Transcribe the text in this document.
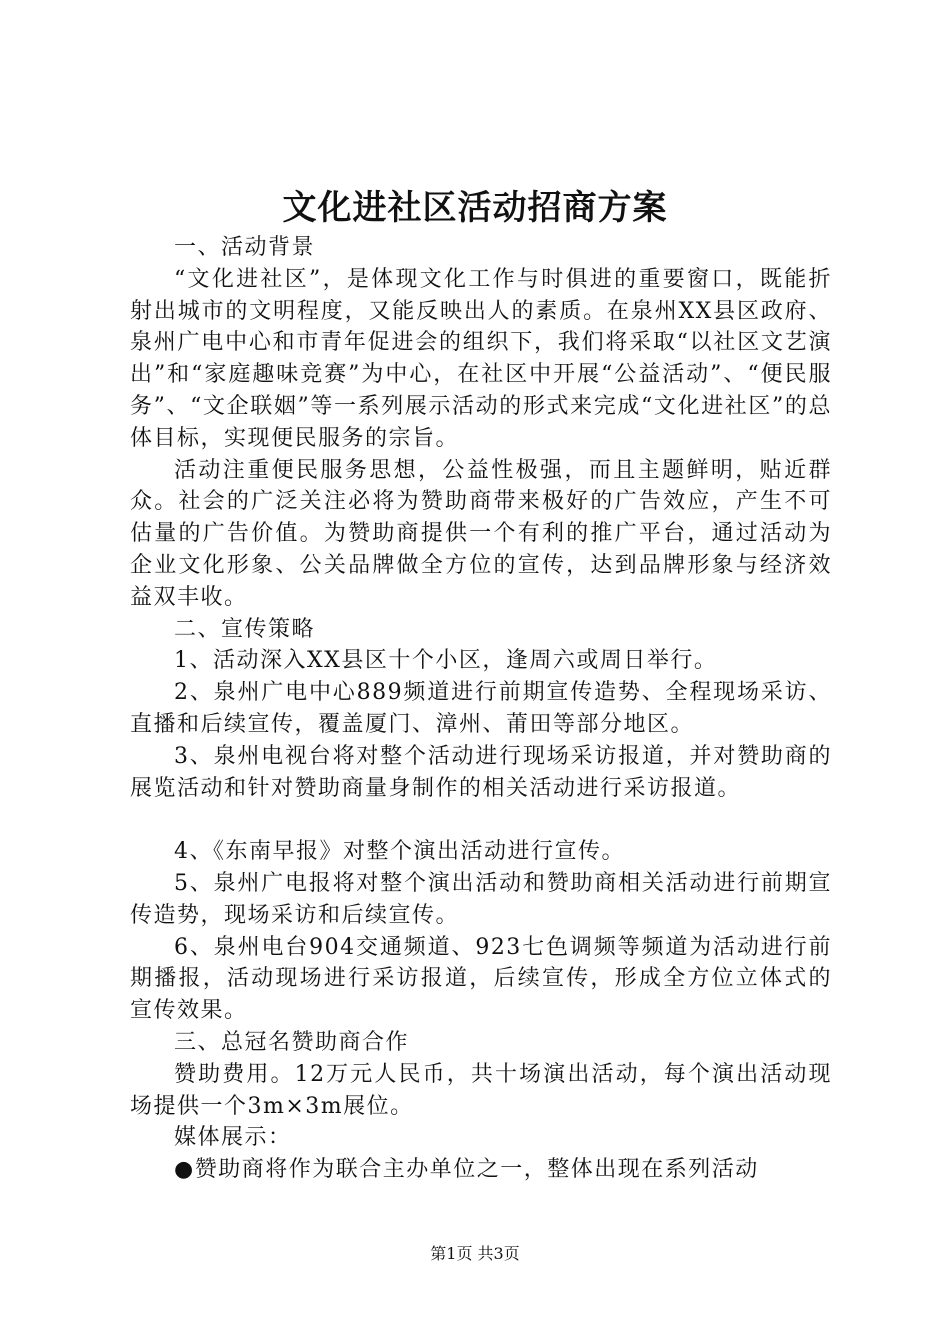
文化进社区活动招商方案

一、活动背景

“文化进社区”，是体现文化工作与时俱进的重要窗口，既能折射出城市的文明程度，又能反映出人的素质。在泉州XX县区政府、泉州广电中心和市青年促进会的组织下，我们将采取“以社区文艺演出”和“家庭趣味竞赛”为中心，在社区中开展“公益活动”、“便民服务”、“文企联姻”等一系列展示活动的形式来完成“文化进社区”的总体目标，实现便民服务的宗旨。

活动注重便民服务思想，公益性极强，而且主题鲜明，贴近群众。社会的广泛关注必将为赞助商带来极好的广告效应，产生不可估量的广告价值。为赞助商提供一个有利的推广平台，通过活动为企业文化形象、公关品牌做全方位的宣传，达到品牌形象与经济效益双丰收。

二、宣传策略

1、活动深入XX县区十个小区，逢周六或周日举行。

2、泉州广电中心889频道进行前期宣传造势、全程现场采访、直播和后续宣传，覆盖厦门、漳州、莆田等部分地区。

3、泉州电视台将对整个活动进行现场采访报道，并对赞助商的展览活动和针对赞助商量身制作的相关活动进行采访报道。

4、《东南早报》对整个演出活动进行宣传。

5、泉州广电报将对整个演出活动和赞助商相关活动进行前期宣传造势，现场采访和后续宣传。

6、泉州电台904交通频道、923七色调频等频道为活动进行前期播报，活动现场进行采访报道，后续宣传，形成全方位立体式的宣传效果。

三、总冠名赞助商合作

赞助费用。12万元人民币，共十场演出活动，每个演出活动现场提供一个3m×3m展位。

媒体展示：

●赞助商将作为联合主办单位之一，整体出现在系列活动

第1页 共3页
